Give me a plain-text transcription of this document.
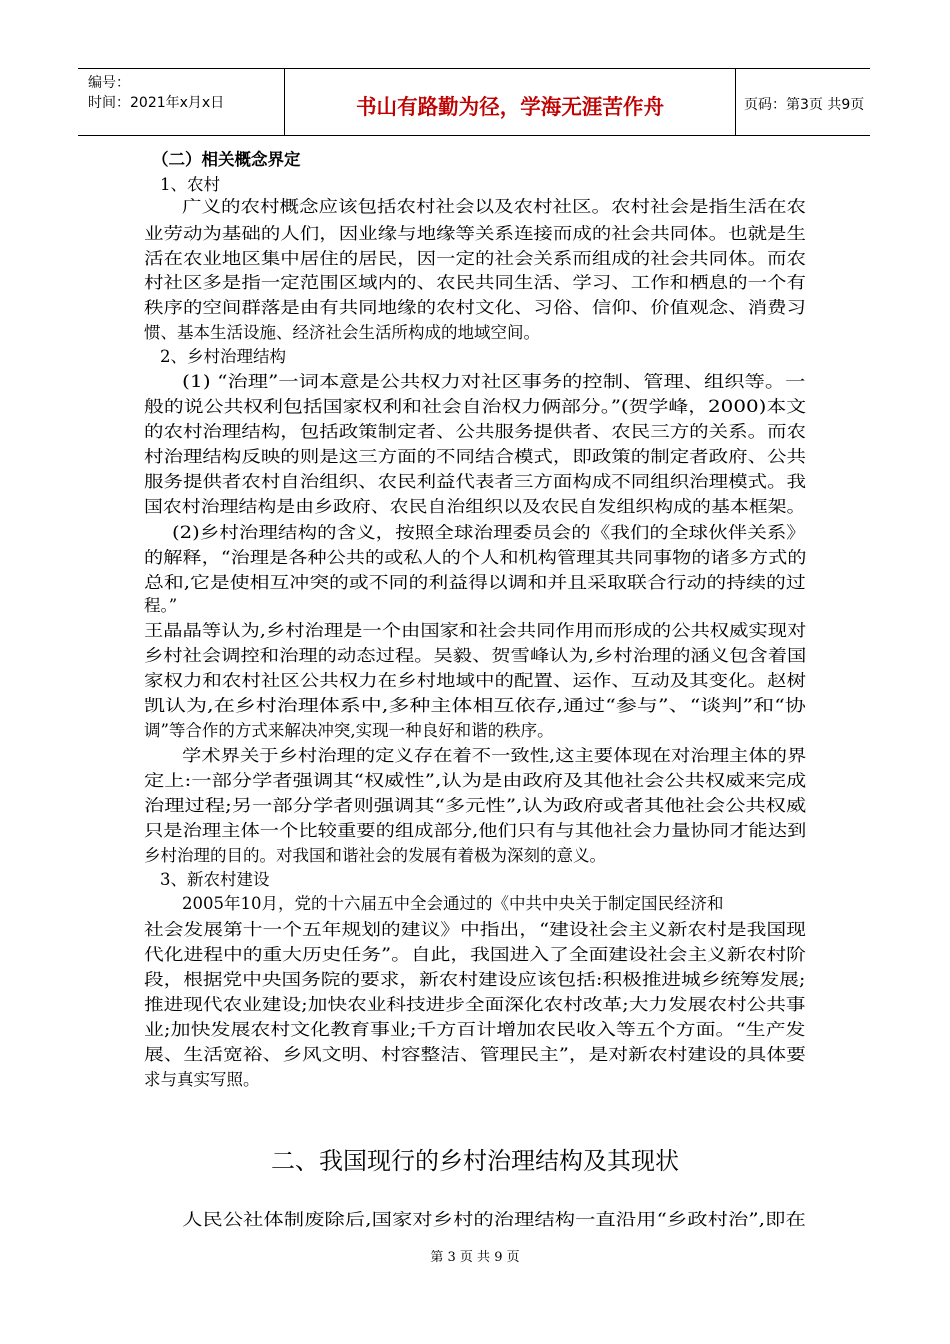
编号：
时间：2021年x月x日	书山有路勤为径，学海无涯苦作舟	页码：第3页 共9页
（二）相关概念界定
1、农村
广义的农村概念应该包括农村社会以及农村社区。农村社会是指生活在农
业劳动为基础的人们，因业缘与地缘等关系连接而成的社会共同体。也就是生
活在农业地区集中居住的居民，因一定的社会关系而组成的社会共同体。而农
村社区多是指一定范围区域内的、农民共同生活、学习、工作和栖息的一个有
秩序的空间群落是由有共同地缘的农村文化、习俗、信仰、价值观念、消费习
惯、基本生活设施、经济社会生活所构成的地域空间。
2、乡村治理结构
(1) “治理”一词本意是公共权力对社区事务的控制、管理、组织等。一
般的说公共权利包括国家权利和社会自治权力俩部分。”(贺学峰，2000)本文
的农村治理结构，包括政策制定者、公共服务提供者、农民三方的关系。而农
村治理结构反映的则是这三方面的不同结合模式，即政策的制定者政府、公共
服务提供者农村自治组织、农民利益代表者三方面构成不同组织治理模式。我
国农村治理结构是由乡政府、农民自治组织以及农民自发组织构成的基本框架。
(2)乡村治理结构的含义，按照全球治理委员会的《我们的全球伙伴关系》
的解释，“治理是各种公共的或私人的个人和机构管理其共同事物的诸多方式的
总和,它是使相互冲突的或不同的利益得以调和并且采取联合行动的持续的过
程。”
王晶晶等认为,乡村治理是一个由国家和社会共同作用而形成的公共权威实现对
乡村社会调控和治理的动态过程。吴毅、贺雪峰认为,乡村治理的涵义包含着国
家权力和农村社区公共权力在乡村地域中的配置、运作、互动及其变化。赵树
凯认为,在乡村治理体系中,多种主体相互依存,通过“参与”、“谈判”和“协
调”等合作的方式来解决冲突,实现一种良好和谐的秩序。
学术界关于乡村治理的定义存在着不一致性,这主要体现在对治理主体的界
定上:一部分学者强调其“权威性”,认为是由政府及其他社会公共权威来完成
治理过程;另一部分学者则强调其“多元性”,认为政府或者其他社会公共权威
只是治理主体一个比较重要的组成部分,他们只有与其他社会力量协同才能达到
乡村治理的目的。对我国和谐社会的发展有着极为深刻的意义。
3、新农村建设
2005年10月，党的十六届五中全会通过的《中共中央关于制定国民经济和
社会发展第十一个五年规划的建议》中指出，“建设社会主义新农村是我国现
代化进程中的重大历史任务”。自此，我国进入了全面建设社会主义新农村阶
段，根据党中央国务院的要求，新农村建设应该包括:积极推进城乡统筹发展;
推进现代农业建设;加快农业科技进步全面深化农村改革;大力发展农村公共事
业;加快发展农村文化教育事业;千方百计增加农民收入等五个方面。“生产发
展、生活宽裕、乡风文明、村容整洁、管理民主”，是对新农村建设的具体要
求与真实写照。
二、我国现行的乡村治理结构及其现状
人民公社体制废除后,国家对乡村的治理结构一直沿用“乡政村治”,即在
第 3 页 共 9 页
